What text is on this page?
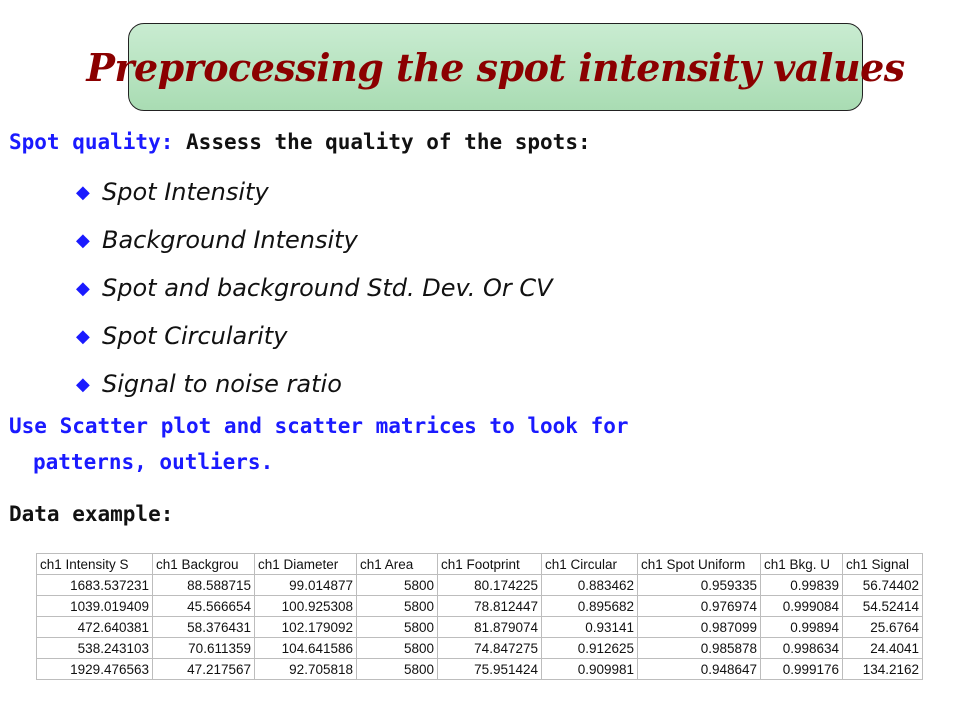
Preprocessing the spot intensity values
Spot quality: Assess the quality of the spots:
◆ Spot Intensity
◆ Background Intensity
◆ Spot and background Std. Dev. Or CV
◆ Spot Circularity
◆ Signal to noise ratio
Use Scatter plot and scatter matrices to look for
patterns, outliers.
Data example:
ch1 Intensity S	ch1 Backgrou	ch1 Diameter	ch1 Area	ch1 Footprint	ch1 Circular	ch1 Spot Uniform	ch1 Bkg. U	ch1 Signal
1683.537231	88.588715	99.014877	5800	80.174225	0.883462	0.959335	0.99839	56.74402
1039.019409	45.566654	100.925308	5800	78.812447	0.895682	0.976974	0.999084	54.52414
472.640381	58.376431	102.179092	5800	81.879074	0.93141	0.987099	0.99894	25.6764
538.243103	70.611359	104.641586	5800	74.847275	0.912625	0.985878	0.998634	24.4041
1929.476563	47.217567	92.705818	5800	75.951424	0.909981	0.948647	0.999176	134.2162
